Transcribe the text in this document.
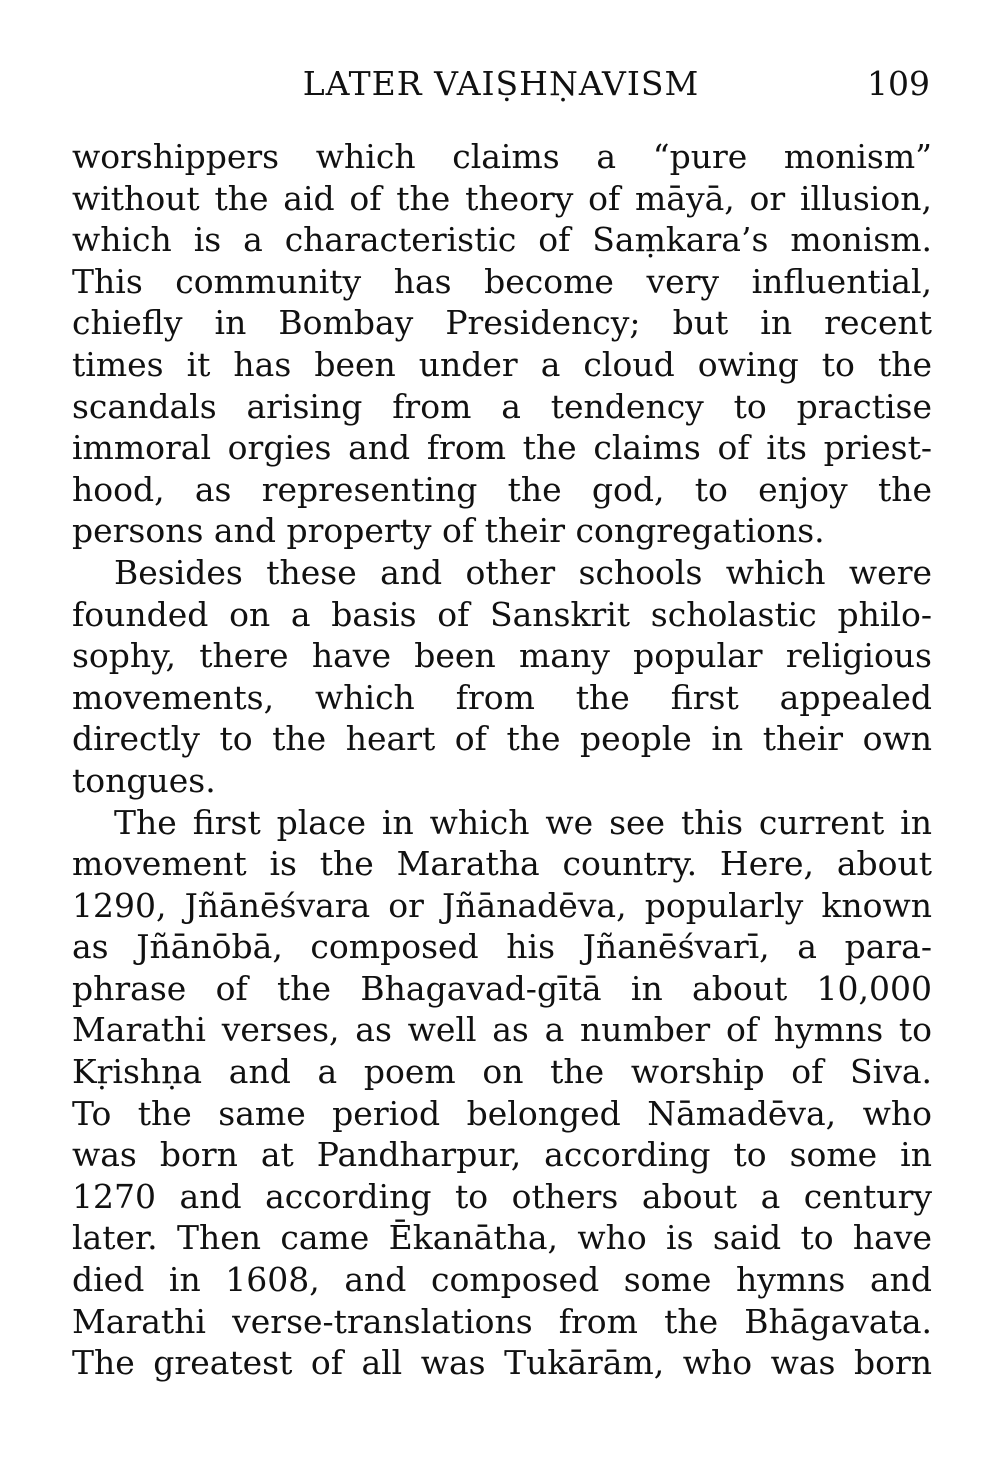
LATER VAIṢHṆAVISM	109
worshippers which claims a “pure monism”
without the aid of the theory of māyā, or illusion,
which is a characteristic of Saṃkara’s monism.
This community has become very influential,
chiefly in Bombay Presidency; but in recent
times it has been under a cloud owing to the
scandals arising from a tendency to practise
immoral orgies and from the claims of its priest-
hood, as representing the god, to enjoy the
persons and property of their congregations.
Besides these and other schools which were
founded on a basis of Sanskrit scholastic philo-
sophy, there have been many popular religious
movements, which from the first appealed
directly to the heart of the people in their own
tongues.
The first place in which we see this current in
movement is the Maratha country. Here, about
1290, Jñānēśvara or Jñānadēva, popularly known
as Jñānōbā, composed his Jñanēśvarī, a para-
phrase of the Bhagavad-gītā in about 10,000
Marathi verses, as well as a number of hymns to
Kṛishṇa and a poem on the worship of Siva.
To the same period belonged Nāmadēva, who
was born at Pandharpur, according to some in
1270 and according to others about a century
later. Then came Ēkanātha, who is said to have
died in 1608, and composed some hymns and
Marathi verse-translations from the Bhāgavata.
The greatest of all was Tukārām, who was born
